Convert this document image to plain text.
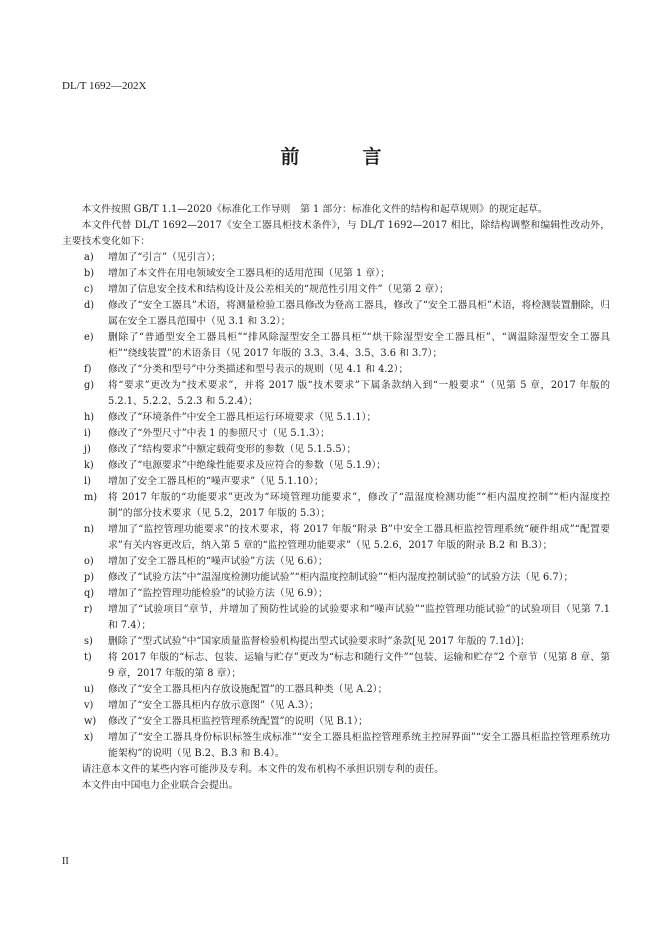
DL/T 1692—202X
前　言

本文件按照 GB/T 1.1—2020《标准化工作导则　第 1 部分：标准化文件的结构和起草规则》的规定起草。

本文件代替 DL/T 1692—2017《安全工器具柜技术条件》，与 DL/T 1692—2017 相比，除结构调整和编辑性改动外，主要技术变化如下：

a)	增加了“引言”（见引言）；
b)	增加了本文件在用电领域安全工器具柜的适用范围（见第 1 章）；
c)	增加了信息安全技术和结构设计及公差相关的“规范性引用文件”（见第 2 章）；
d)	修改了“安全工器具”术语，将测量检验工器具修改为登高工器具，修改了“安全工器具柜”术语，将检测装置删除，归属在安全工器具范围中（见 3.1 和 3.2）；
e)	删除了“普通型安全工器具柜”“排风除湿型安全工器具柜”“烘干除湿型安全工器具柜”、“调温除湿型安全工器具柜”“绕线装置”的术语条目（见 2017 年版的 3.3、3.4、3.5、3.6 和 3.7）；
f)	修改了“分类和型号”中分类描述和型号表示的规则（见 4.1 和 4.2）；
g)	将“要求”更改为“技术要求”，并将 2017 版“技术要求”下属条款纳入到“一般要求”（见第 5 章，2017 年版的 5.2.1、5.2.2、5.2.3 和 5.2.4）；
h)	修改了“环境条件”中安全工器具柜运行环境要求（见 5.1.1）；
i)	修改了“外型尺寸”中表 1 的参照尺寸（见 5.1.3）；
j)	修改了“结构要求”中额定载荷变形的参数（见 5.1.5.5）；
k)	修改了“电源要求”中绝缘性能要求及应符合的参数（见 5.1.9）；
l)	增加了安全工器具柜的“噪声要求”（见 5.1.10）；
m)	将 2017 年版的“功能要求”更改为“环境管理功能要求”，修改了“温湿度检测功能”“柜内温度控制”“柜内湿度控制”的部分技术要求（见 5.2，2017 年版的 5.3）；
n)	增加了“监控管理功能要求”的技术要求，将 2017 年版“附录 B”中安全工器具柜监控管理系统“硬件组成”“配置要求”有关内容更改后，纳入第 5 章的“监控管理功能要求”（见 5.2.6，2017 年版的附录 B.2 和 B.3）；
o)	增加了安全工器具柜的“噪声试验”方法（见 6.6）；
p)	修改了“试验方法”中“温湿度检测功能试验”“柜内温度控制试验”“柜内湿度控制试验”的试验方法（见 6.7）；
q)	增加了“监控管理功能检验”的试验方法（见 6.9）；
r)	增加了“试验项目”章节，并增加了预防性试验的试验要求和“噪声试验”“监控管理功能试验”的试验项目（见第 7.1 和 7.4）；
s)	删除了“型式试验”中“国家质量监督检验机构提出型式试验要求时”条款[见 2017 年版的 7.1d）]；
t)	将 2017 年版的“标志、包装、运输与贮存”更改为“标志和随行文件”“包装、运输和贮存”2 个章节（见第 8 章、第 9 章，2017 年版的第 8 章）；
u)	修改了“安全工器具柜内存放设施配置”的工器具种类（见 A.2）；
v)	增加了“安全工器具柜内存放示意图”（见 A.3）；
w)	修改了“安全工器具柜监控管理系统配置”的说明（见 B.1）；
x)	增加了“安全工器具身份标识标签生成标准”“安全工器具柜监控管理系统主控屏界面”“安全工器具柜监控管理系统功能架构”的说明（见 B.2、B.3 和 B.4）。

请注意本文件的某些内容可能涉及专利。本文件的发布机构不承担识别专利的责任。

本文件由中国电力企业联合会提出。

II
